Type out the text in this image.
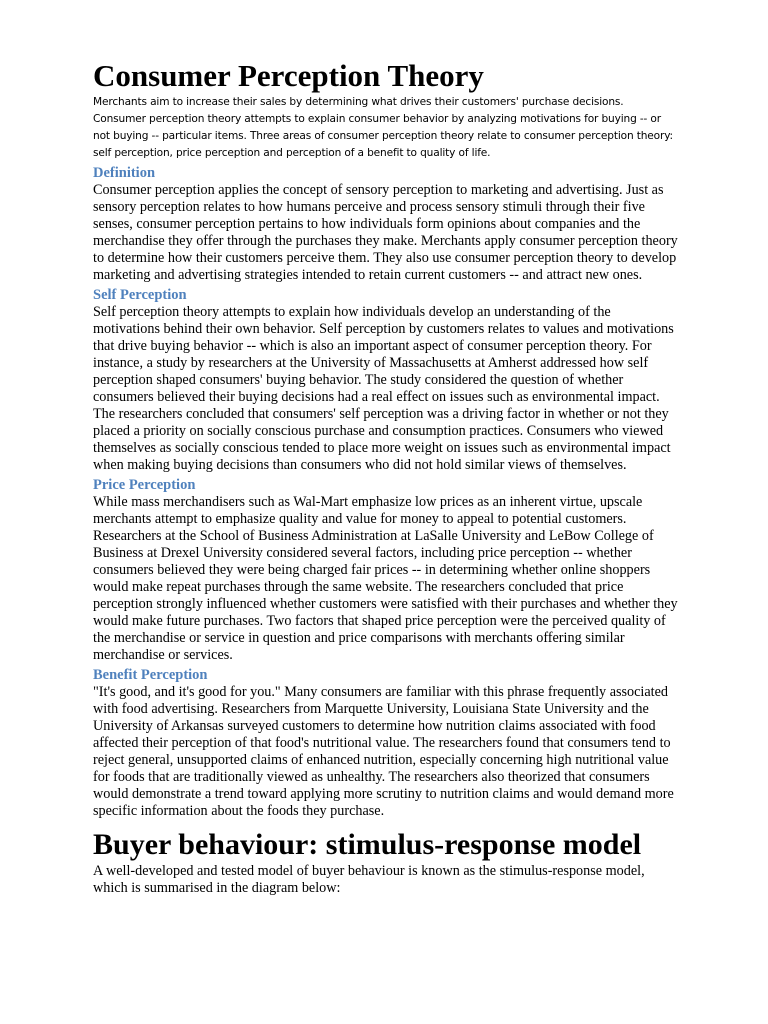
Consumer Perception Theory

Merchants aim to increase their sales by determining what drives their customers' purchase decisions. Consumer perception theory attempts to explain consumer behavior by analyzing motivations for buying -- or not buying -- particular items. Three areas of consumer perception theory relate to consumer perception theory: self perception, price perception and perception of a benefit to quality of life.

Definition

Consumer perception applies the concept of sensory perception to marketing and advertising. Just as sensory perception relates to how humans perceive and process sensory stimuli through their five senses, consumer perception pertains to how individuals form opinions about companies and the merchandise they offer through the purchases they make. Merchants apply consumer perception theory to determine how their customers perceive them. They also use consumer perception theory to develop marketing and advertising strategies intended to retain current customers -- and attract new ones.

Self Perception

Self perception theory attempts to explain how individuals develop an understanding of the motivations behind their own behavior. Self perception by customers relates to values and motivations that drive buying behavior -- which is also an important aspect of consumer perception theory. For instance, a study by researchers at the University of Massachusetts at Amherst addressed how self perception shaped consumers' buying behavior. The study considered the question of whether consumers believed their buying decisions had a real effect on issues such as environmental impact. The researchers concluded that consumers' self perception was a driving factor in whether or not they placed a priority on socially conscious purchase and consumption practices. Consumers who viewed themselves as socially conscious tended to place more weight on issues such as environmental impact when making buying decisions than consumers who did not hold similar views of themselves.

Price Perception

While mass merchandisers such as Wal-Mart emphasize low prices as an inherent virtue, upscale merchants attempt to emphasize quality and value for money to appeal to potential customers. Researchers at the School of Business Administration at LaSalle University and LeBow College of Business at Drexel University considered several factors, including price perception -- whether consumers believed they were being charged fair prices -- in determining whether online shoppers would make repeat purchases through the same website. The researchers concluded that price perception strongly influenced whether customers were satisfied with their purchases and whether they would make future purchases. Two factors that shaped price perception were the perceived quality of the merchandise or service in question and price comparisons with merchants offering similar merchandise or services.

Benefit Perception

"It's good, and it's good for you." Many consumers are familiar with this phrase frequently associated with food advertising. Researchers from Marquette University, Louisiana State University and the University of Arkansas surveyed customers to determine how nutrition claims associated with food affected their perception of that food's nutritional value. The researchers found that consumers tend to reject general, unsupported claims of enhanced nutrition, especially concerning high nutritional value for foods that are traditionally viewed as unhealthy. The researchers also theorized that consumers would demonstrate a trend toward applying more scrutiny to nutrition claims and would demand more specific information about the foods they purchase.

Buyer behaviour: stimulus-response model

A well-developed and tested model of buyer behaviour is known as the stimulus-response model, which is summarised in the diagram below:
